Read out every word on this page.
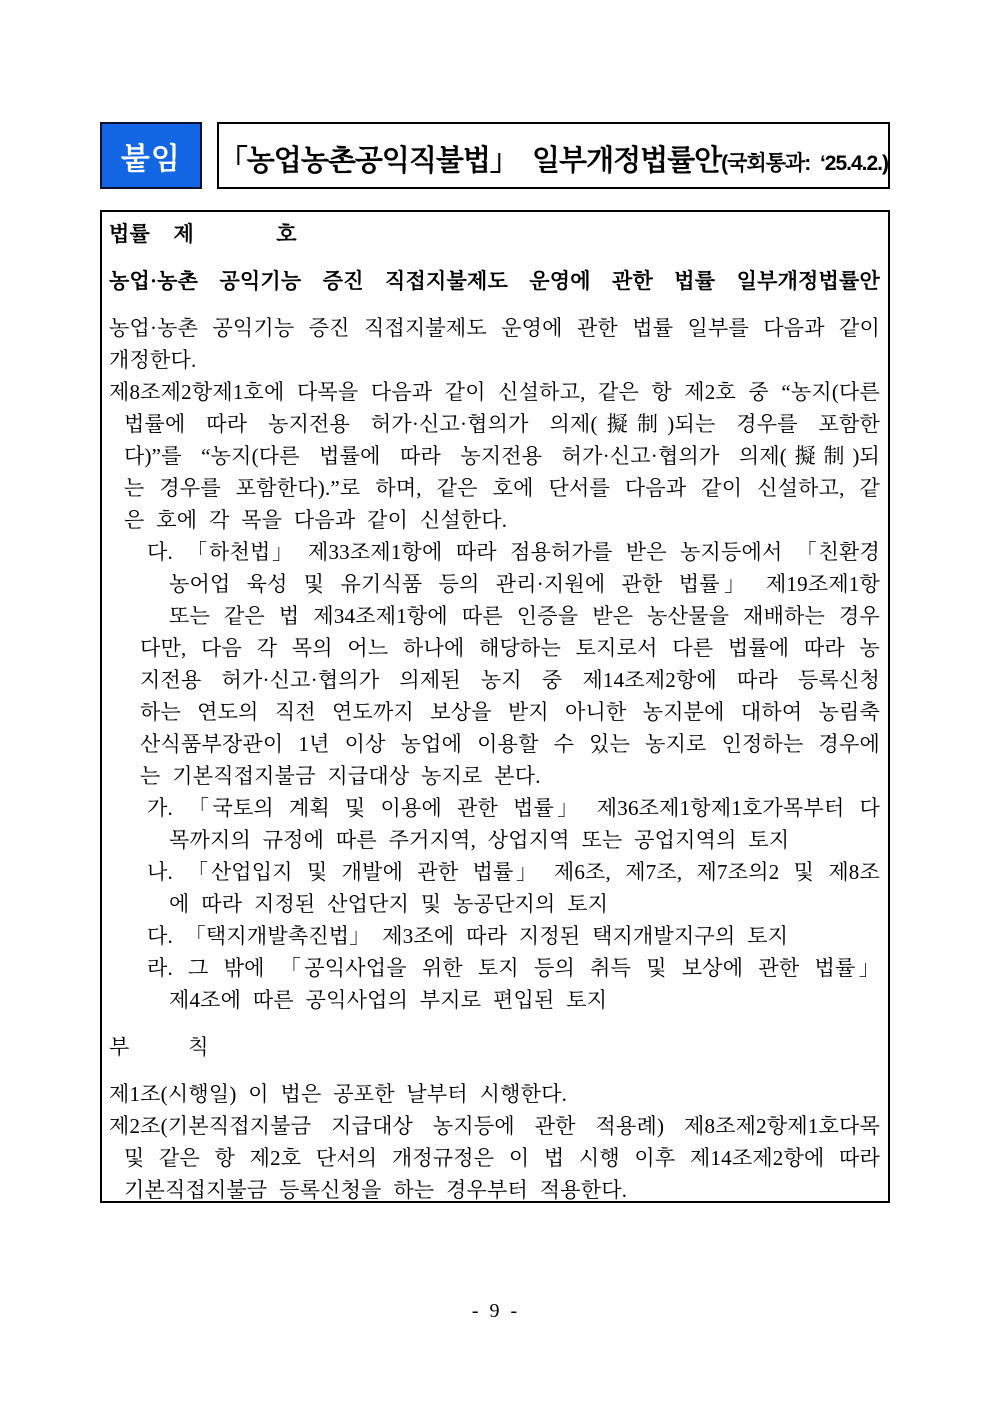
붙임	「농업농촌공익직불법」  일부개정법률안 (국회통과:  ‘25.4.2.)
법률  제       호
농업·농촌 공익기능 증진 직접지불제도 운영에 관한 법률 일부개정법률안
농업·농촌 공익기능 증진 직접지불제도 운영에 관한 법률 일부를 다음과 같이
개정한다.
제8조제2항제1호에 다목을 다음과 같이 신설하고, 같은 항 제2호 중 “농지(다른
법률에 따라 농지전용 허가·신고·협의가 의제(擬制)되는 경우를 포함한
다)”를 “농지(다른 법률에 따라 농지전용 허가·신고·협의가 의제(擬制)되
는 경우를 포함한다).”로 하며, 같은 호에 단서를 다음과 같이 신설하고, 같
은 호에 각 목을 다음과 같이 신설한다.
다. 「하천법」 제33조제1항에 따라 점용허가를 받은 농지등에서 「친환경
농어업 육성 및 유기식품 등의 관리·지원에 관한 법률」 제19조제1항
또는 같은 법 제34조제1항에 따른 인증을 받은 농산물을 재배하는 경우
다만, 다음 각 목의 어느 하나에 해당하는 토지로서 다른 법률에 따라 농
지전용 허가·신고·협의가 의제된 농지 중 제14조제2항에 따라 등록신청
하는 연도의 직전 연도까지 보상을 받지 아니한 농지분에 대하여 농림축
산식품부장관이 1년 이상 농업에 이용할 수 있는 농지로 인정하는 경우에
는 기본직접지불금 지급대상 농지로 본다.
가. 「국토의 계획 및 이용에 관한 법률」 제36조제1항제1호가목부터 다
목까지의 규정에 따른 주거지역, 상업지역 또는 공업지역의 토지
나. 「산업입지 및 개발에 관한 법률」 제6조, 제7조, 제7조의2 및 제8조
에 따라 지정된 산업단지 및 농공단지의 토지
다. 「택지개발촉진법」 제3조에 따라 지정된 택지개발지구의 토지
라. 그 밖에 「공익사업을 위한 토지 등의 취득 및 보상에 관한 법률」
제4조에 따른 공익사업의 부지로 편입된 토지
부     칙
제1조(시행일) 이 법은 공포한 날부터 시행한다.
제2조(기본직접지불금 지급대상 농지등에 관한 적용례) 제8조제2항제1호다목
및 같은 항 제2호 단서의 개정규정은 이 법 시행 이후 제14조제2항에 따라
기본직접지불금 등록신청을 하는 경우부터 적용한다.
- 9 -
